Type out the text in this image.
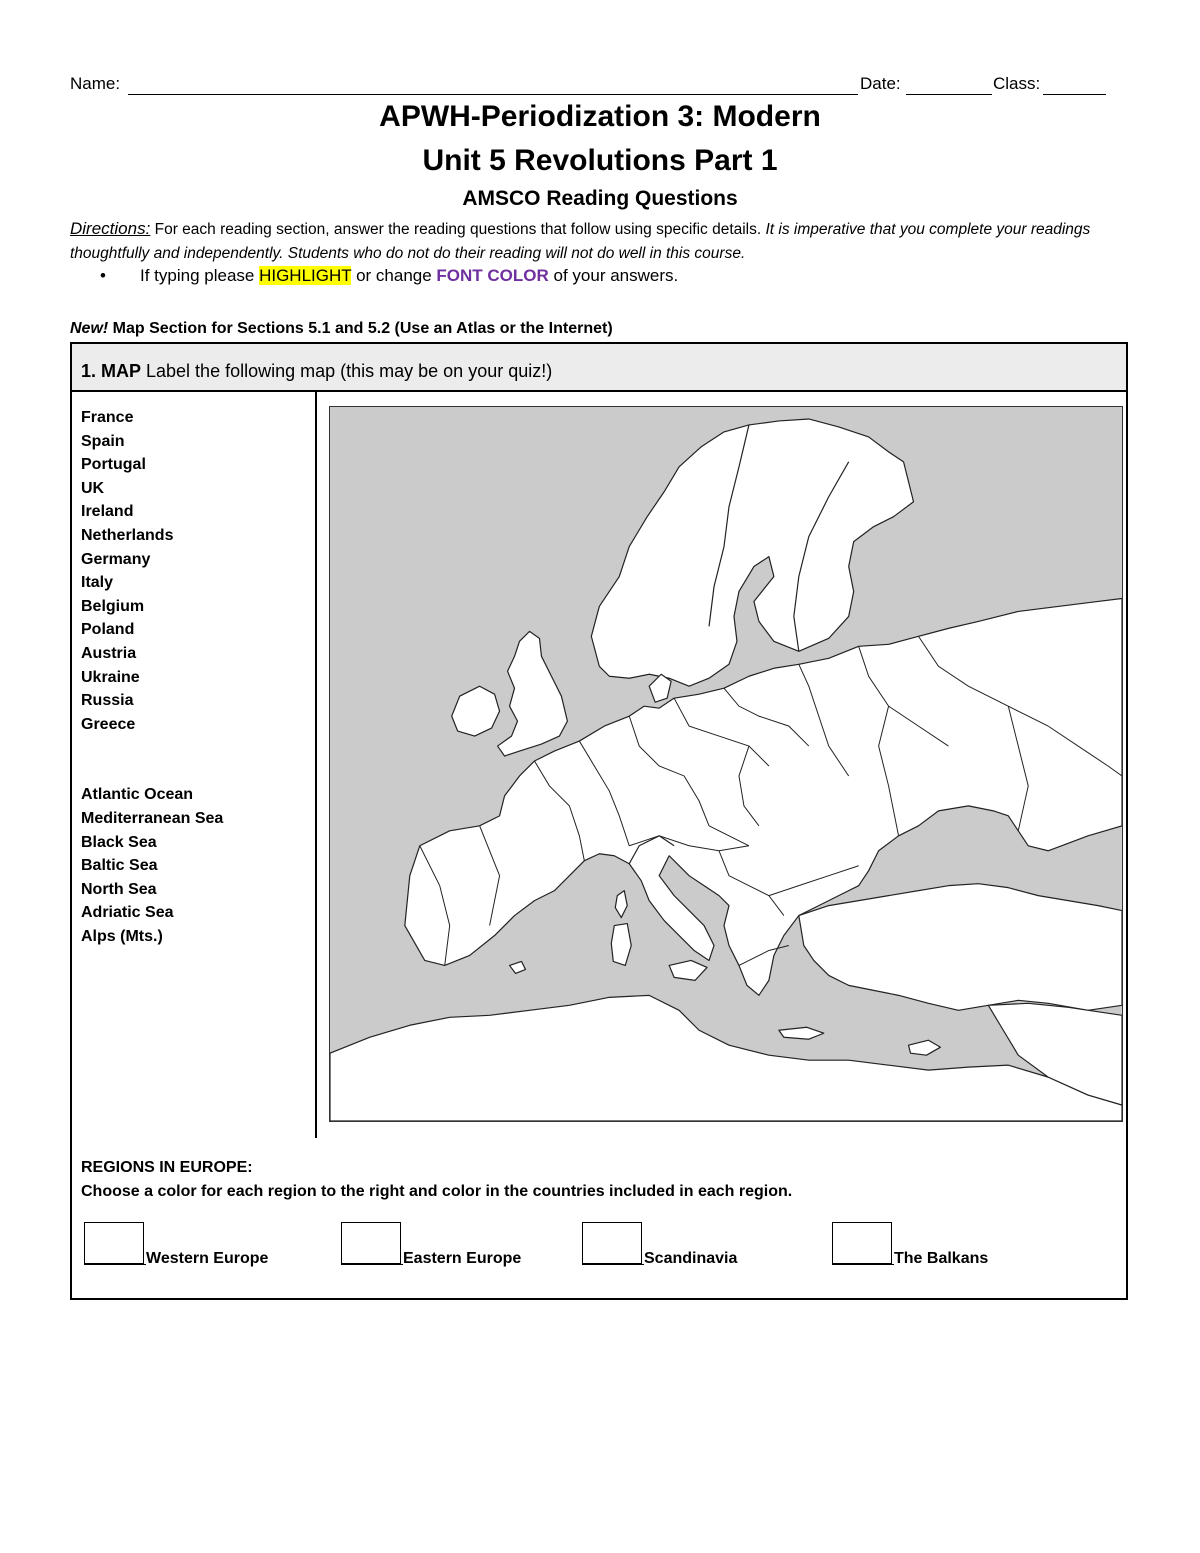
Name:	Date:	Class:
APWH-Periodization 3: Modern
Unit 5 Revolutions Part 1
AMSCO Reading Questions
Directions: For each reading section, answer the reading questions that follow using specific details. It is imperative that you complete your readings thoughtfully and independently. Students who do not do their reading will not do well in this course.
• If typing please HIGHLIGHT or change FONT COLOR of your answers.
New! Map Section for Sections 5.1 and 5.2 (Use an Atlas or the Internet)
1. MAP Label the following map (this may be on your quiz!)
France
Spain
Portugal
UK
Ireland
Netherlands
Germany
Italy
Belgium
Poland
Austria
Ukraine
Russia
Greece
Atlantic Ocean
Mediterranean Sea
Black Sea
Baltic Sea
North Sea
Adriatic Sea
Alps (Mts.)
REGIONS IN EUROPE:
Choose a color for each region to the right and color in the countries included in each region.
Western Europe	Eastern Europe	Scandinavia	The Balkans
